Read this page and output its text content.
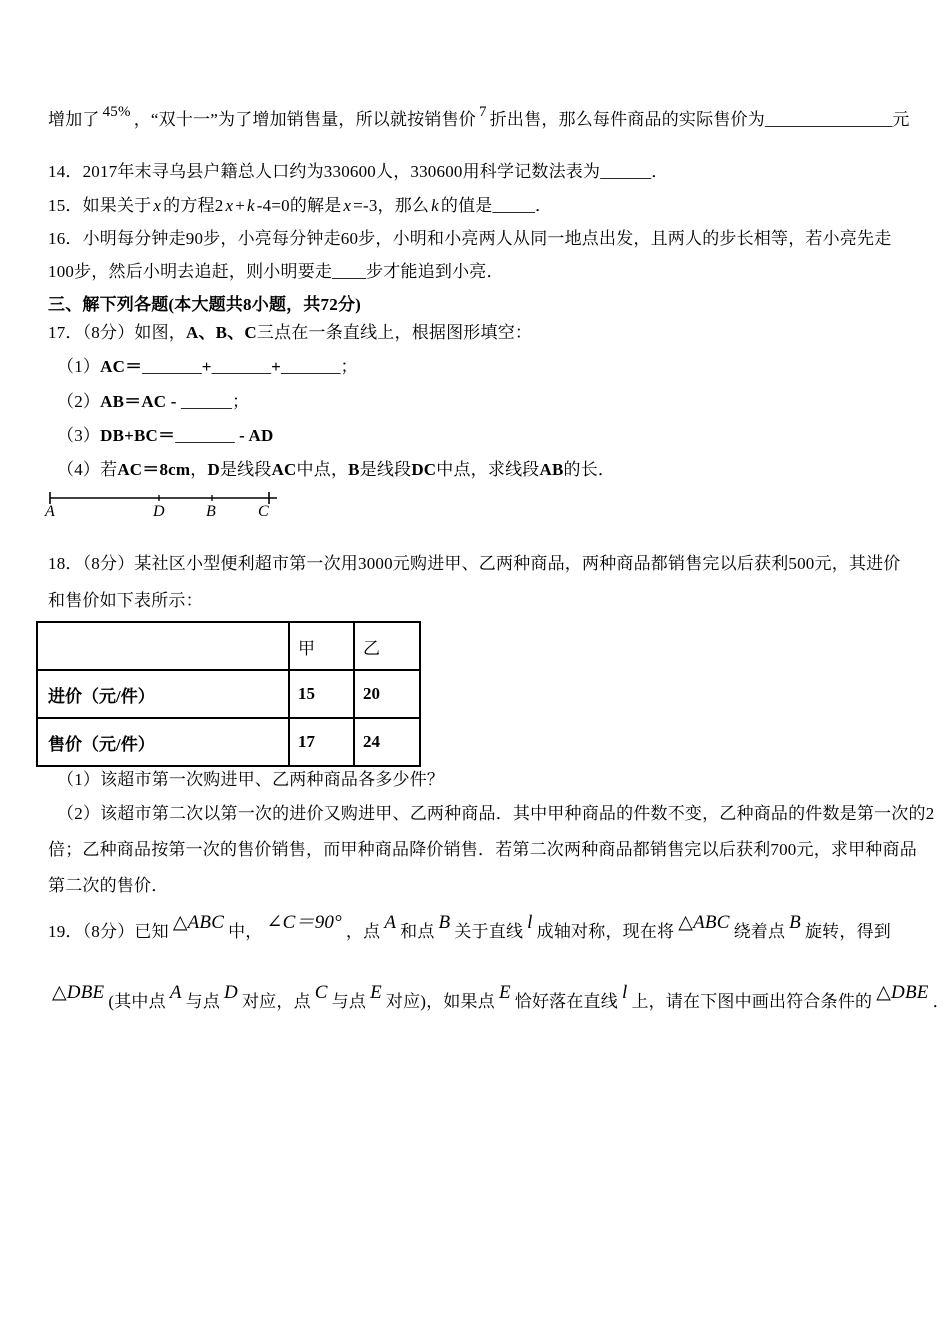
增加了 45% ，“双十一”为了增加销售量，所以就按销售价 7 折出售，那么每件商品的实际售价为_______________元
14．2017年末寻乌县户籍总人口约为330600人，330600用科学记数法表为______．
15．如果关于 x 的方程2 x + k -4=0的解是 x =-3，那么 k 的值是_____．
16．小明每分钟走90步，小亮每分钟走60步，小明和小亮两人从同一地点出发，且两人的步长相等，若小亮先走
100步，然后小明去追赶，则小明要走____步才能追到小亮．
三、解下列各题(本大题共8小题，共72分)
17．（8分）如图，A、B、C三点在一条直线上，根据图形填空：
（1）AC＝_______+_______+_______；
（2）AB＝AC - ______；
（3）DB+BC＝_______ - AD
（4）若AC＝8cm，D是线段AC中点，B是线段DC中点，求线段AB的长．
A	D	B	C
18．（8分）某社区小型便利超市第一次用3000元购进甲、乙两种商品，两种商品都销售完以后获利500元，其进价
和售价如下表所示：
	甲	乙
进价（元/件）	15	20
售价（元/件）	17	24
（1）该超市第一次购进甲、乙两种商品各多少件？
（2）该超市第二次以第一次的进价又购进甲、乙两种商品．其中甲种商品的件数不变，乙种商品的件数是第一次的2
倍；乙种商品按第一次的售价销售，而甲种商品降价销售．若第二次两种商品都销售完以后获利700元，求甲种商品
第二次的售价．
19．（8分）已知 △ABC 中， ∠C＝90° ，点 A 和点 B 关于直线 l 成轴对称，现在将 △ABC 绕着点 B 旋转，得到
△DBE (其中点 A 与点 D 对应，点 C 与点 E 对应)，如果点 E 恰好落在直线 l 上，请在下图中画出符合条件的 △DBE ．
